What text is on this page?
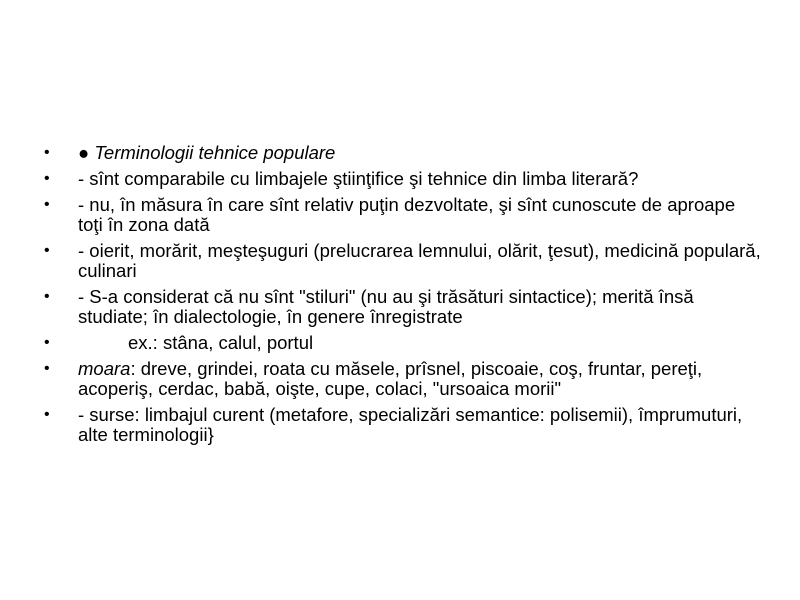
• ● Terminologii tehnice populare
• - sînt comparabile cu limbajele ştiinţifice şi tehnice din limba literară?
• - nu, în măsura în care sînt relativ puţin dezvoltate, şi sînt cunoscute de aproape toţi în zona dată
• - oierit, morărit, meşteşuguri (prelucrarea lemnului, olărit, ţesut), medicină populară, culinari
• - S-a considerat că nu sînt "stiluri" (nu au şi trăsături sintactice); merită însă studiate; în dialectologie, în genere înregistrate
•	ex.: stâna, calul, portul
• moara: dreve, grindei, roata cu măsele, prîsnel, piscoaie, coş, fruntar, pereţi, acoperiş, cerdac, babă, oişte, cupe, colaci, "ursoaica morii"
• - surse: limbajul curent (metafore, specializări semantice: polisemii), împrumuturi, alte terminologii}
